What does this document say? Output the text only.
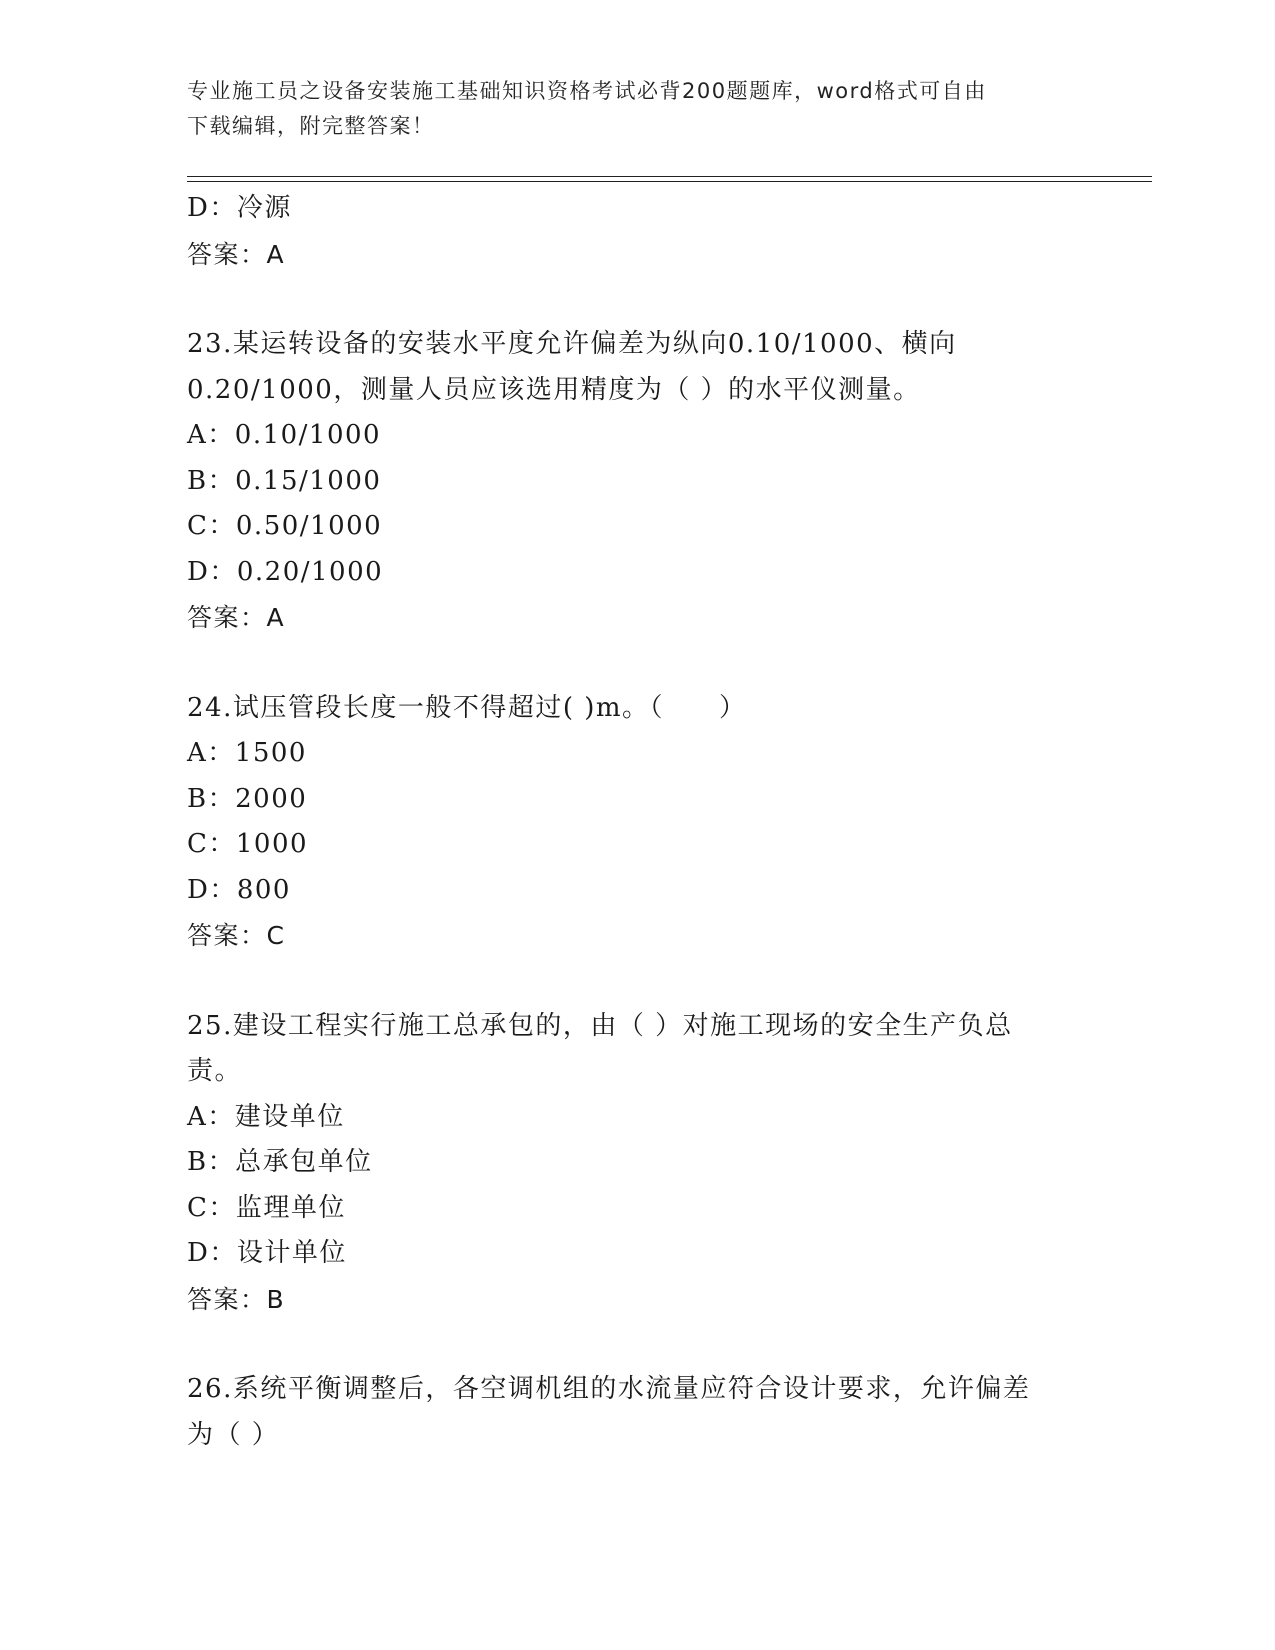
专业施工员之设备安装施工基础知识资格考试必背200题题库，word格式可自由
下载编辑，附完整答案！
D：冷源
答案：A
23.某运转设备的安装水平度允许偏差为纵向0.10/1000、横向
0.20/1000，测量人员应该选用精度为（ ）的水平仪测量。
A：0.10/1000
B：0.15/1000
C：0.50/1000
D：0.20/1000
答案：A
24.试压管段长度一般不得超过( )m。（　　）
A：1500
B：2000
C：1000
D：800
答案：C
25.建设工程实行施工总承包的，由（ ）对施工现场的安全生产负总
责。
A：建设单位
B：总承包单位
C：监理单位
D：设计单位
答案：B
26.系统平衡调整后，各空调机组的水流量应符合设计要求，允许偏差
为（ ）
